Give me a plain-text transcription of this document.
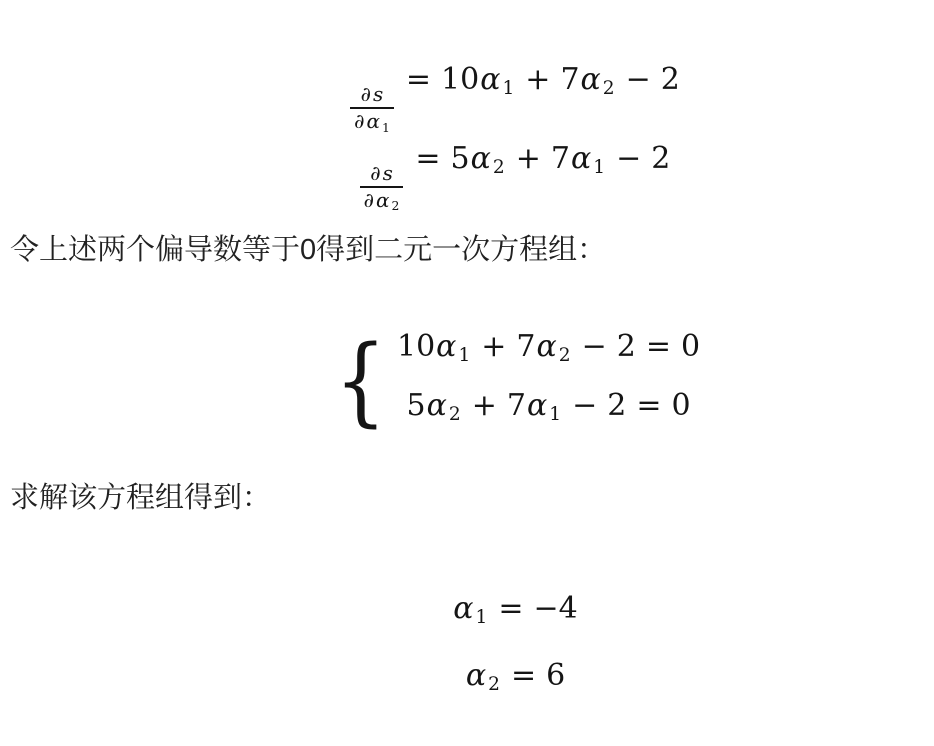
$\frac{\partial s}{\partial \alpha 1}$
= 10α 1 + 7α 2 − 2
$\frac{\partial s}{\partial \alpha 2}$
= 5α 2 + 7α 1 − 2

令上述两个偏导数等于0得到二元一次方程组：

{ 10α 1 + 7α 2 − 2 = 0
5α 2 + 7α 1 − 2 = 0

求解该方程组得到：

α 1 = −4
α 2 = 6
